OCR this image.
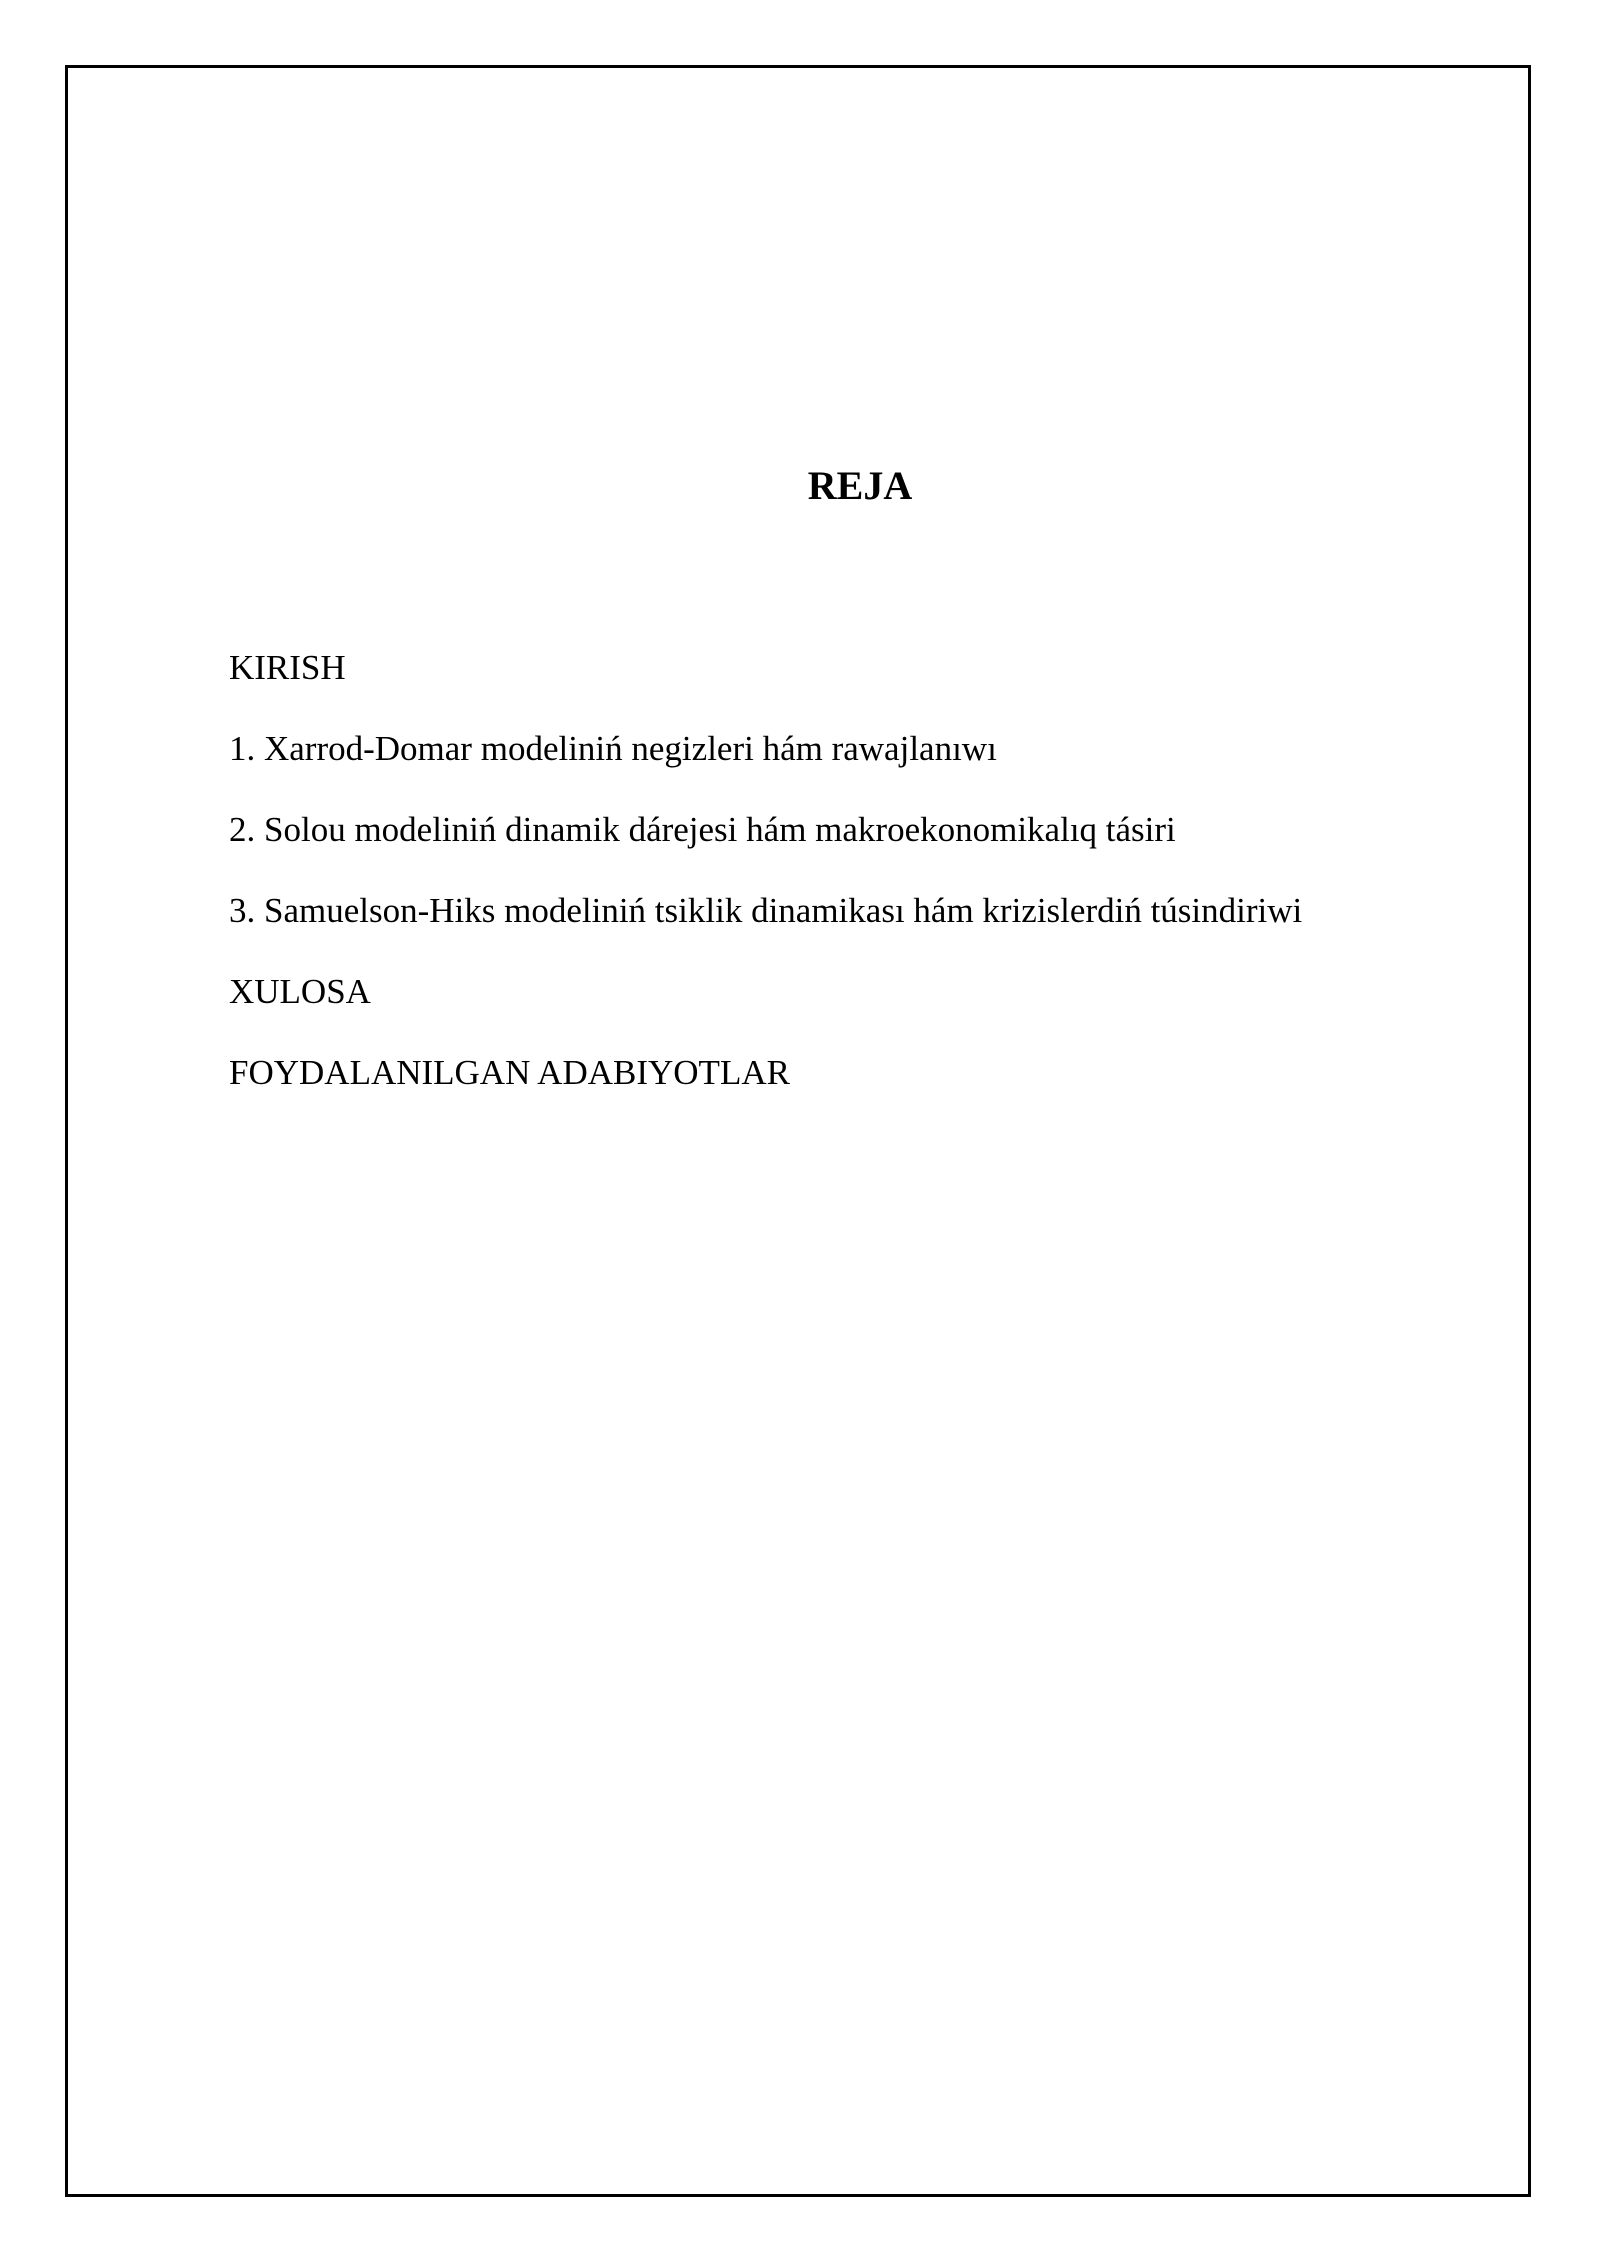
REJA
KIRISH
1. Xarrod-Domar modeliniń negizleri hám rawajlanıwı
2. Solou modeliniń dinamik dárejesi hám makroekonomikalıq tásiri
3. Samuelson-Hiks modeliniń tsiklik dinamikası hám krizislerdiń túsindiriwi
XULOSA
FOYDALANILGAN ADABIYOTLAR
